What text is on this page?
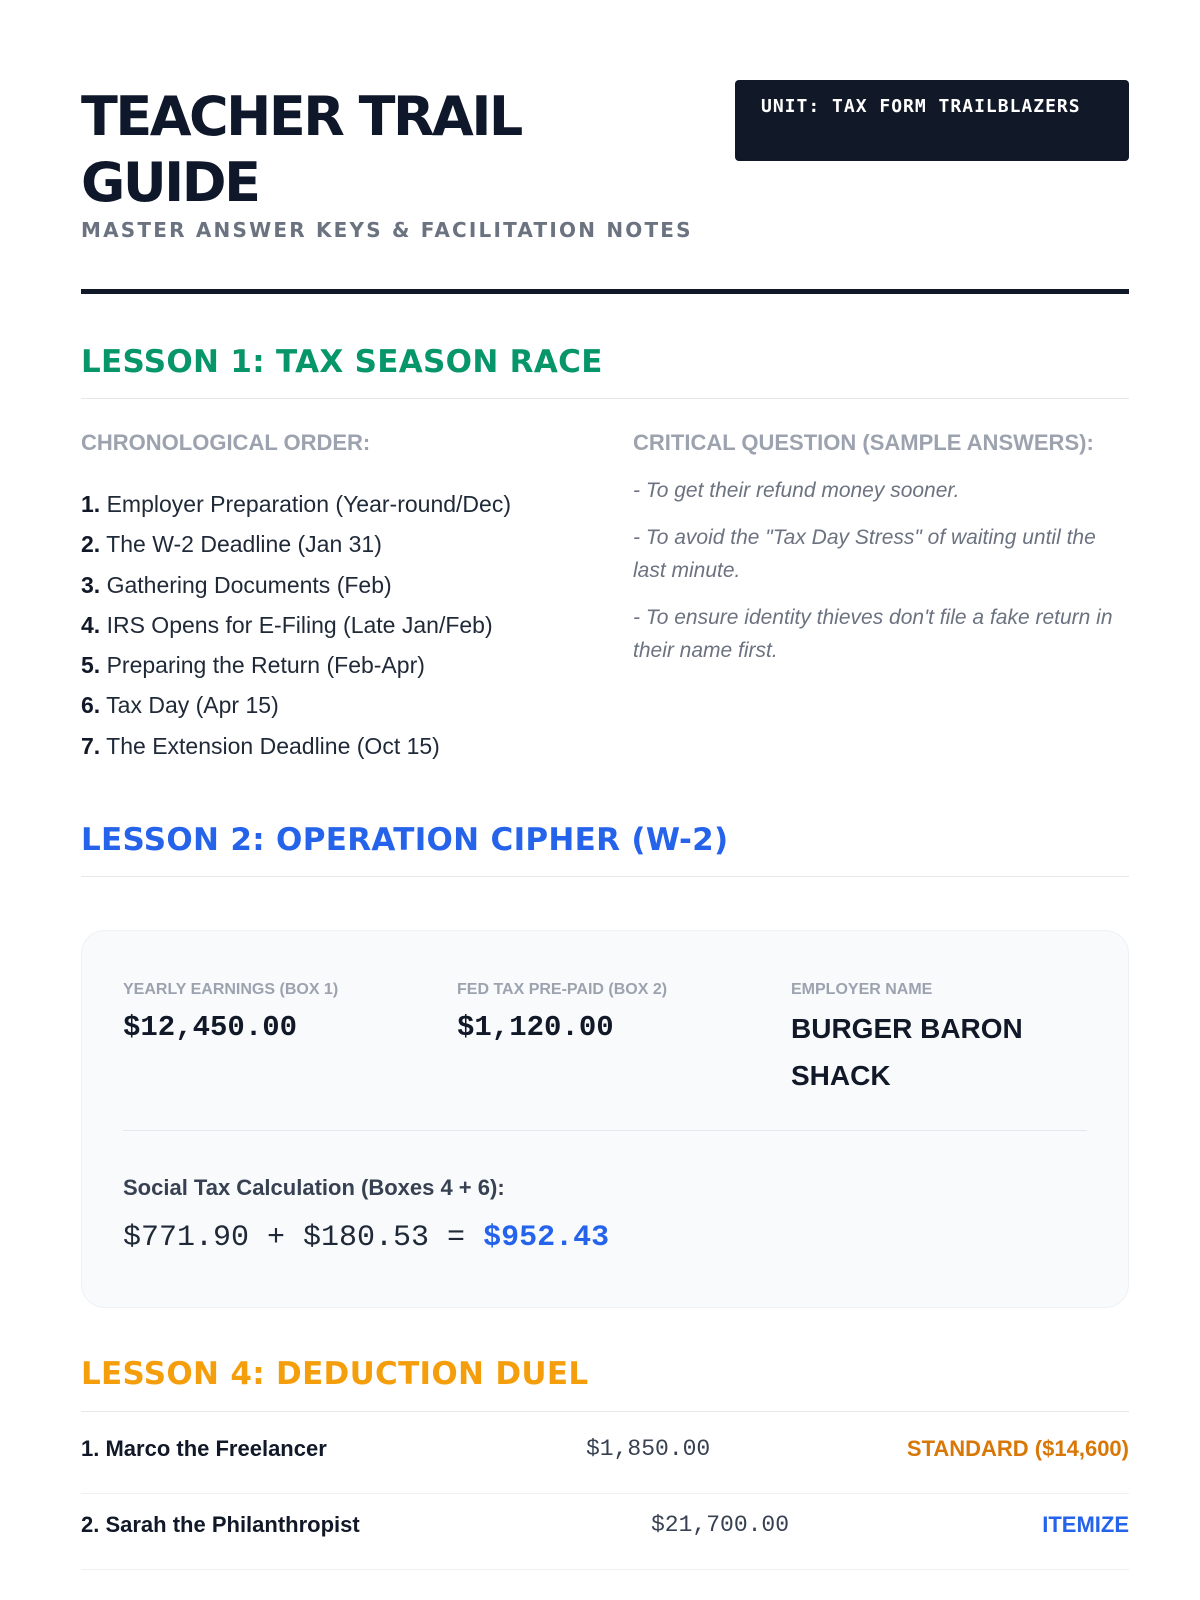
TEACHER TRAIL GUIDE
MASTER ANSWER KEYS & FACILITATION NOTES
UNIT: TAX FORM TRAILBLAZERS
LESSON 1: TAX SEASON RACE
CHRONOLOGICAL ORDER:
1. Employer Preparation (Year-round/Dec)
2. The W-2 Deadline (Jan 31)
3. Gathering Documents (Feb)
4. IRS Opens for E-Filing (Late Jan/Feb)
5. Preparing the Return (Feb-Apr)
6. Tax Day (Apr 15)
7. The Extension Deadline (Oct 15)
CRITICAL QUESTION (SAMPLE ANSWERS):

- To get their refund money sooner.

- To avoid the "Tax Day Stress" of waiting until the last minute.

- To ensure identity thieves don't file a fake return in their name first.

LESSON 2: OPERATION CIPHER (W-2)
YEARLY EARNINGS (BOX 1)
$12,450.00
FED TAX PRE-PAID (BOX 2)
$1,120.00
EMPLOYER NAME
BURGER BARON SHACK
Social Tax Calculation (Boxes 4 + 6):
$771.90 + $180.53 = $952.43
LESSON 4: DEDUCTION DUEL
1. Marco the Freelancer	$1,850.00	STANDARD ($14,600)
2. Sarah the Philanthropist	$21,700.00	ITEMIZE
